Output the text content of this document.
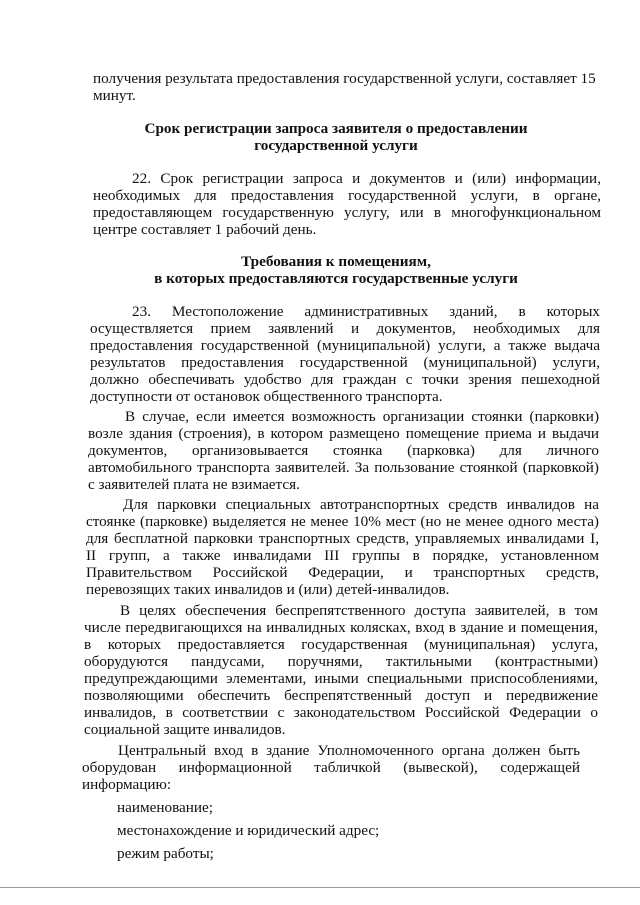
получения результата предоставления государственной услуги, составляет 15
минут.
Срок регистрации запроса заявителя о предоставлении
государственной услуги
22. Срок регистрации запроса и документов и (или) информации,
необходимых для предоставления государственной услуги, в органе,
предоставляющем государственную услугу, или в многофункциональном
центре составляет 1 рабочий день.
Требования к помещениям,
в которых предоставляются государственные услуги
23. Местоположение административных зданий, в которых
осуществляется прием заявлений и документов, необходимых для
предоставления государственной (муниципальной) услуги, а также выдача
результатов предоставления государственной (муниципальной) услуги,
должно обеспечивать удобство для граждан с точки зрения пешеходной
доступности от остановок общественного транспорта.
В случае, если имеется возможность организации стоянки (парковки)
возле здания (строения), в котором размещено помещение приема и выдачи
документов, организовывается стоянка (парковка) для личного
автомобильного транспорта заявителей. За пользование стоянкой (парковкой)
с заявителей плата не взимается.
Для парковки специальных автотранспортных средств инвалидов на
стоянке (парковке) выделяется не менее 10% мест (но не менее одного места)
для бесплатной парковки транспортных средств, управляемых инвалидами I,
II групп, а также инвалидами III группы в порядке, установленном
Правительством Российской Федерации, и транспортных средств,
перевозящих таких инвалидов и (или) детей-инвалидов.
В целях обеспечения беспрепятственного доступа заявителей, в том
числе передвигающихся на инвалидных колясках, вход в здание и помещения,
в которых предоставляется государственная (муниципальная) услуга,
оборудуются пандусами, поручнями, тактильными (контрастными)
предупреждающими элементами, иными специальными приспособлениями,
позволяющими обеспечить беспрепятственный доступ и передвижение
инвалидов, в соответствии с законодательством Российской Федерации о
социальной защите инвалидов.
Центральный вход в здание Уполномоченного органа должен быть
оборудован информационной табличкой (вывеской), содержащей
информацию:
наименование;
местонахождение и юридический адрес;
режим работы;
